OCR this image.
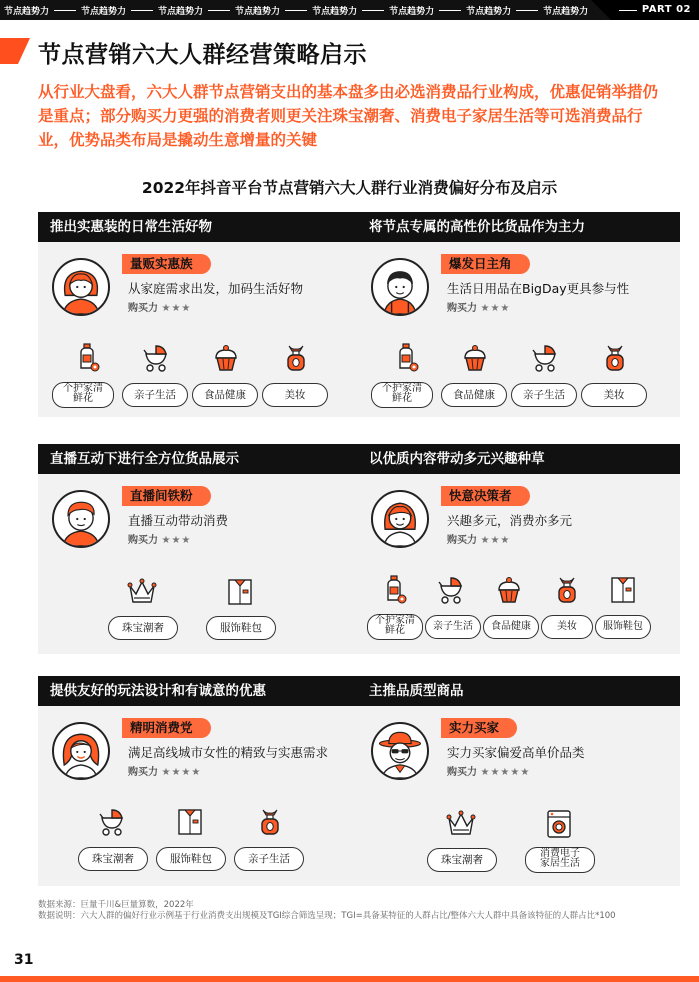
节点趋势力	节点趋势力	节点趋势力	节点趋势力	节点趋势力	节点趋势力	节点趋势力	节点趋势力	PART 02
节点营销六大人群经营策略启示
从行业大盘看，六大人群节点营销支出的基本盘多由必选消费品行业构成，优惠促销举措仍是重点；部分购买力更强的消费者则更关注珠宝潮奢、消费电子家居生活等可选消费品行业，优势品类布局是撬动生意增量的关键
2022年抖音平台节点营销六大人群行业消费偏好分布及启示
推出实惠装的日常生活好物
量贩实惠族
从家庭需求出发，加码生活好物
购买力 ★★★
个护家清
鲜花	亲子生活	食品健康	美妆
将节点专属的高性价比货品作为主力
爆发日主角
生活日用品在BigDay更具参与性
购买力 ★★★
个护家清
鲜花	食品健康	亲子生活	美妆
直播互动下进行全方位货品展示
直播间铁粉
直播互动带动消费
购买力 ★★★
珠宝潮奢	服饰鞋包
以优质内容带动多元兴趣种草
快意决策者
兴趣多元，消费亦多元
购买力 ★★★
个护家清
鲜花	亲子生活	食品健康	美妆	服饰鞋包
提供友好的玩法设计和有诚意的优惠
精明消费党
满足高线城市女性的精致与实惠需求
购买力 ★★★★
珠宝潮奢	服饰鞋包	亲子生活
主推品质型商品
实力买家
实力买家偏爱高单价品类
购买力 ★★★★★
珠宝潮奢
消费电子
家居生活
数据来源：巨量千川&巨量算数，2022年
数据说明：六大人群的偏好行业示例基于行业消费支出规模及TGI综合筛选呈现；TGI=具备某特征的人群占比/整体六大人群中具备该特征的人群占比*100
31
